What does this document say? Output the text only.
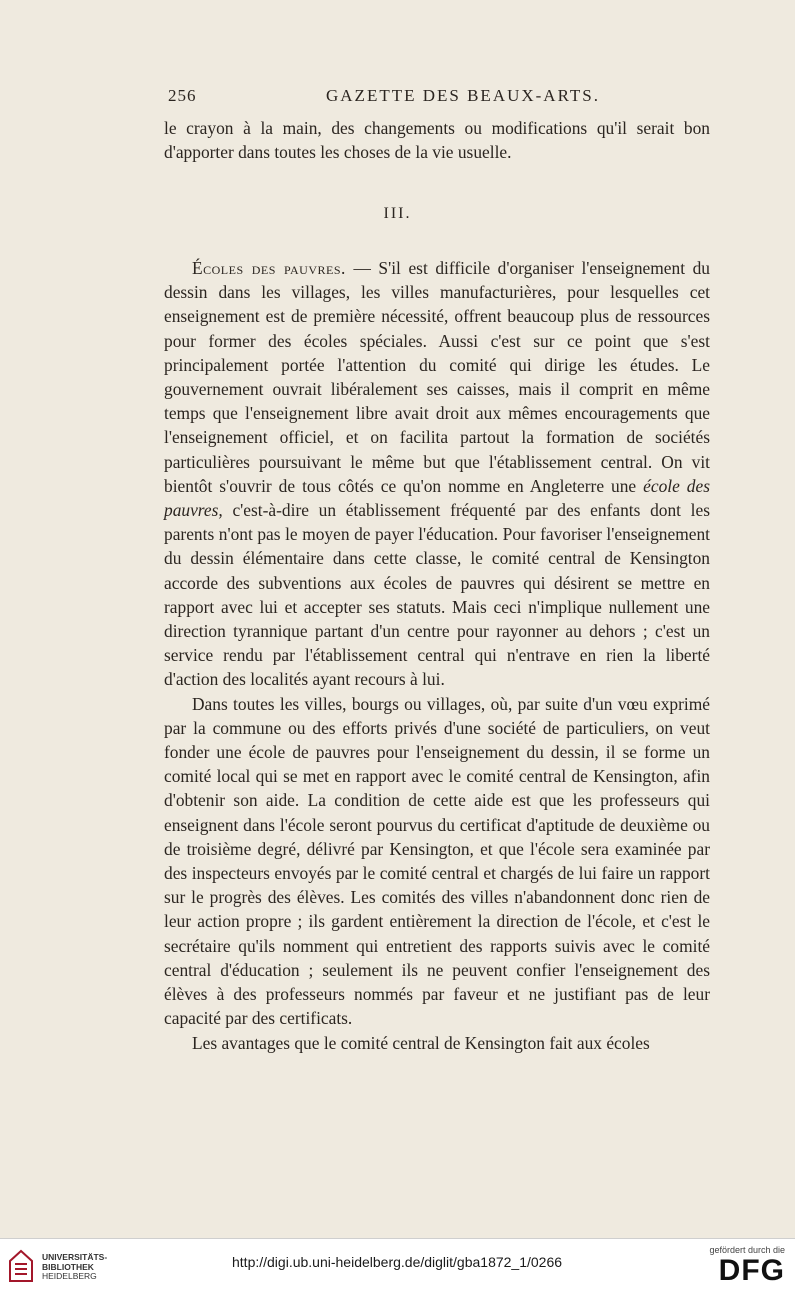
256	GAZETTE DES BEAUX-ARTS.

le crayon à la main, des changements ou modifications qu'il serait bon d'apporter dans toutes les choses de la vie usuelle.

III.

Écoles des pauvres. — S'il est difficile d'organiser l'enseignement du dessin dans les villages, les villes manufacturières, pour lesquelles cet enseignement est de première nécessité, offrent beaucoup plus de ressources pour former des écoles spéciales. Aussi c'est sur ce point que s'est principalement portée l'attention du comité qui dirige les études. Le gouvernement ouvrait libéralement ses caisses, mais il comprit en même temps que l'enseignement libre avait droit aux mêmes encouragements que l'enseignement officiel, et on facilita partout la formation de sociétés particulières poursuivant le même but que l'établissement central. On vit bientôt s'ouvrir de tous côtés ce qu'on nomme en Angleterre une école des pauvres, c'est-à-dire un établissement fréquenté par des enfants dont les parents n'ont pas le moyen de payer l'éducation. Pour favoriser l'enseignement du dessin élémentaire dans cette classe, le comité central de Kensington accorde des subventions aux écoles de pauvres qui désirent se mettre en rapport avec lui et accepter ses statuts. Mais ceci n'implique nullement une direction tyrannique partant d'un centre pour rayonner au dehors ; c'est un service rendu par l'établissement central qui n'entrave en rien la liberté d'action des localités ayant recours à lui.

Dans toutes les villes, bourgs ou villages, où, par suite d'un vœu exprimé par la commune ou des efforts privés d'une société de particuliers, on veut fonder une école de pauvres pour l'enseignement du dessin, il se forme un comité local qui se met en rapport avec le comité central de Kensington, afin d'obtenir son aide. La condition de cette aide est que les professeurs qui enseignent dans l'école seront pourvus du certificat d'aptitude de deuxième ou de troisième degré, délivré par Kensington, et que l'école sera examinée par des inspecteurs envoyés par le comité central et chargés de lui faire un rapport sur le progrès des élèves. Les comités des villes n'abandonnent donc rien de leur action propre ; ils gardent entièrement la direction de l'école, et c'est le secrétaire qu'ils nomment qui entretient des rapports suivis avec le comité central d'éducation ; seulement ils ne peuvent confier l'enseignement des élèves à des professeurs nommés par faveur et ne justifiant pas de leur capacité par des certificats.

Les avantages que le comité central de Kensington fait aux écoles

UNIVERSITÄTS-
BIBLIOTHEK
HEIDELBERG
http://digi.ub.uni-heidelberg.de/diglit/gba1872_1/0266
gefördert durch die
DFG
